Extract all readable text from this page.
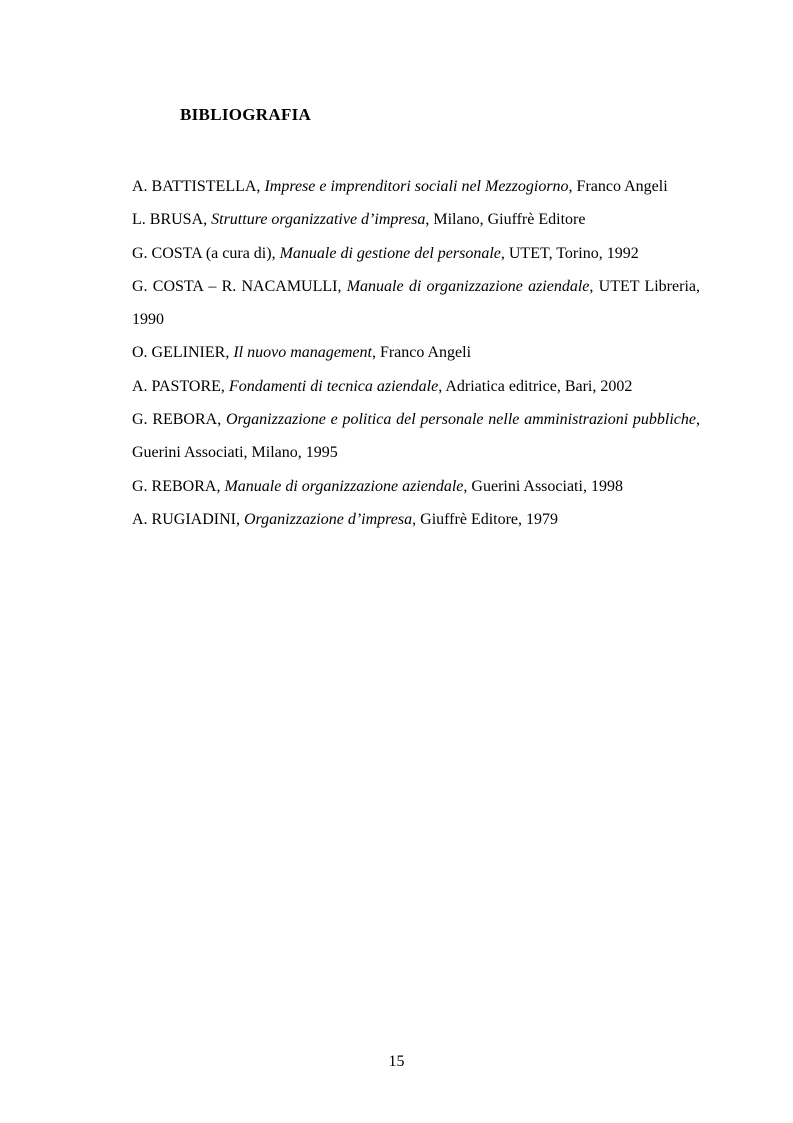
BIBLIOGRAFIA

A. BATTISTELLA, Imprese e imprenditori sociali nel Mezzogiorno, Franco Angeli

L. BRUSA, Strutture organizzative d’impresa, Milano, Giuffrè Editore

G. COSTA (a cura di), Manuale di gestione del personale, UTET, Torino, 1992

G. COSTA – R. NACAMULLI, Manuale di organizzazione aziendale, UTET Libreria, 1990

O. GELINIER, Il nuovo management, Franco Angeli

A. PASTORE, Fondamenti di tecnica aziendale, Adriatica editrice, Bari, 2002

G. REBORA, Organizzazione e politica del personale nelle amministrazioni pubbliche, Guerini Associati, Milano, 1995

G. REBORA, Manuale di organizzazione aziendale, Guerini Associati, 1998

A. RUGIADINI, Organizzazione d’impresa, Giuffrè Editore, 1979

15
